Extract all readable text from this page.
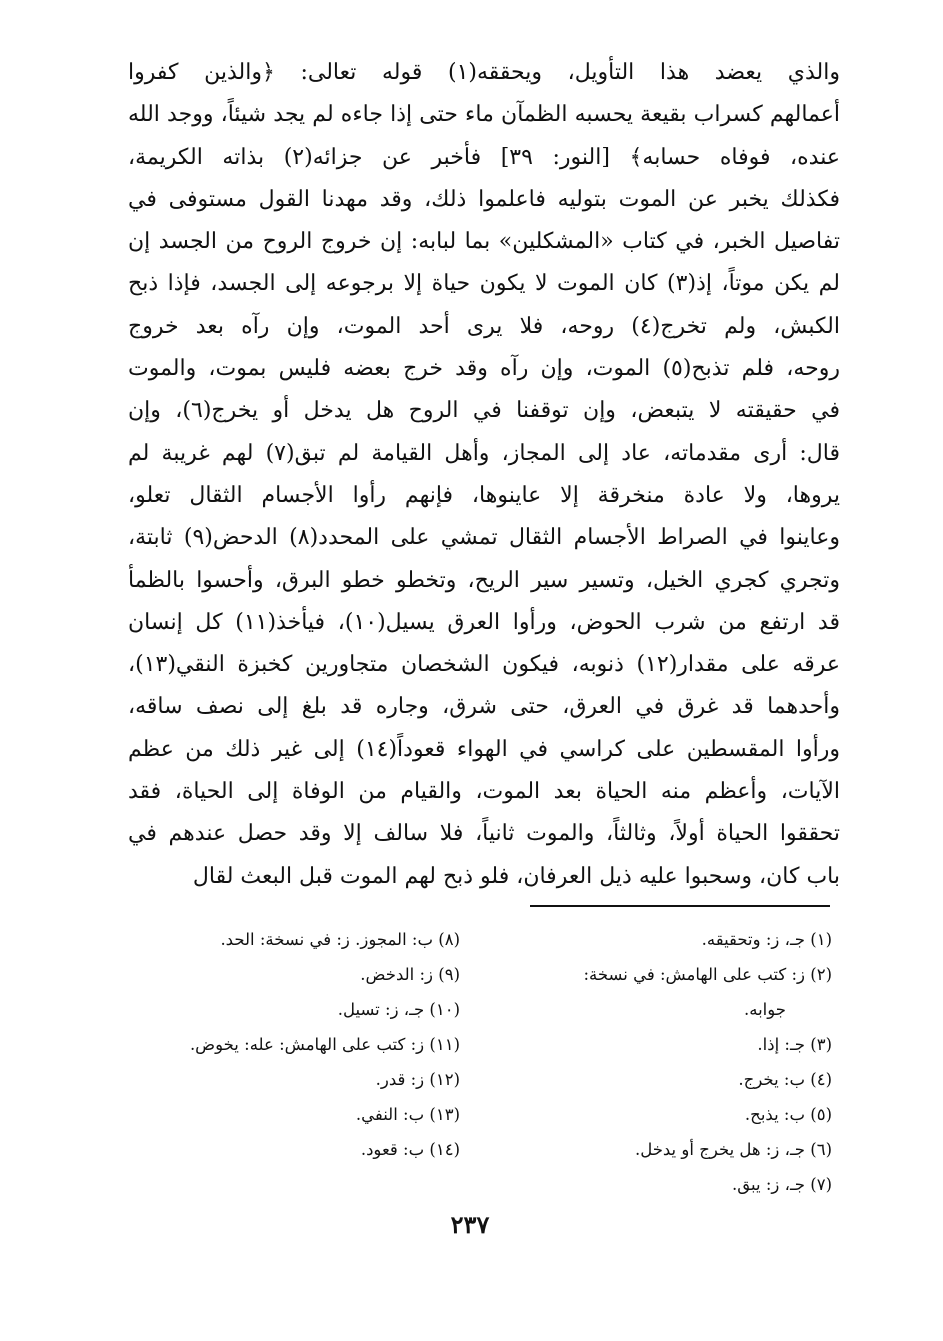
والذي يعضد هذا التأويل، ويحققه(١) قوله تعالى: ﴿والذين كفروا
أعمالهم كسراب بقيعة يحسبه الظمآن ماء حتى إذا جاءه لم يجد شيئاً، ووجد الله
عنده، فوفاه حسابه﴾ [النور: ٣٩] فأخبر عن جزائه(٢) بذاته الكريمة،
فكذلك يخبر عن الموت بتوليه فاعلموا ذلك، وقد مهدنا القول مستوفى في
تفاصيل الخبر، في كتاب «المشكلين» بما لبابه: إن خروج الروح من الجسد إن
لم يكن موتاً، إذ(٣) كان الموت لا يكون حياة إلا برجوعه إلى الجسد، فإذا ذبح
الكبش، ولم تخرج(٤) روحه، فلا يرى أحد الموت، وإن رآه بعد خروج
روحه، فلم تذبح(٥) الموت، وإن رآه وقد خرج بعضه فليس بموت، والموت
في حقيقته لا يتبعض، وإن توقفنا في الروح هل يدخل أو يخرج(٦)، وإن
قال: أرى مقدماته، عاد إلى المجاز، وأهل القيامة لم تبق(٧) لهم غريبة لم
يروها، ولا عادة منخرقة إلا عاينوها، فإنهم رأوا الأجسام الثقال تعلو،
وعاينوا في الصراط الأجسام الثقال تمشي على المحدد(٨) الدحض(٩) ثابتة،
وتجري كجري الخيل، وتسير سير الريح، وتخطو خطو البرق، وأحسوا بالظمأ
قد ارتفع من شرب الحوض، ورأوا العرق يسيل(١٠)، فيأخذ(١١) كل إنسان
عرقه على مقدار(١٢) ذنوبه، فيكون الشخصان متجاورين كخبزة النقي(١٣)،
وأحدهما قد غرق في العرق، حتى شرق، وجاره قد بلغ إلى نصف ساقه،
ورأوا المقسطين على كراسي في الهواء قعوداً(١٤) إلى غير ذلك من عظم
الآيات، وأعظم منه الحياة بعد الموت، والقيام من الوفاة إلى الحياة، فقد
تحققوا الحياة أولاً، وثالثاً، والموت ثانياً، فلا سالف إلا وقد حصل عندهم في
باب كان، وسحبوا عليه ذيل العرفان، فلو ذبح لهم الموت قبل البعث لقال
(١) جـ، ز: وتحقيقه.
(٢) ز: كتب على الهامش: في نسخة:
جوابه.
(٣) جـ: إذا.
(٤) ب: يخرج.
(٥) ب: يذبح.
(٦) جـ، ز: هل يخرج أو يدخل.
(٧) جـ، ز: يبق.
(٨) ب: المجوز. ز: في نسخة: الحد.
(٩) ز: الدخض.
(١٠) جـ، ز: تسيل.
(١١) ز: كتب على الهامش: عله: يخوض.
(١٢) ز: قدر.
(١٣) ب: النفي.
(١٤) ب: قعود.
٢٣٧
